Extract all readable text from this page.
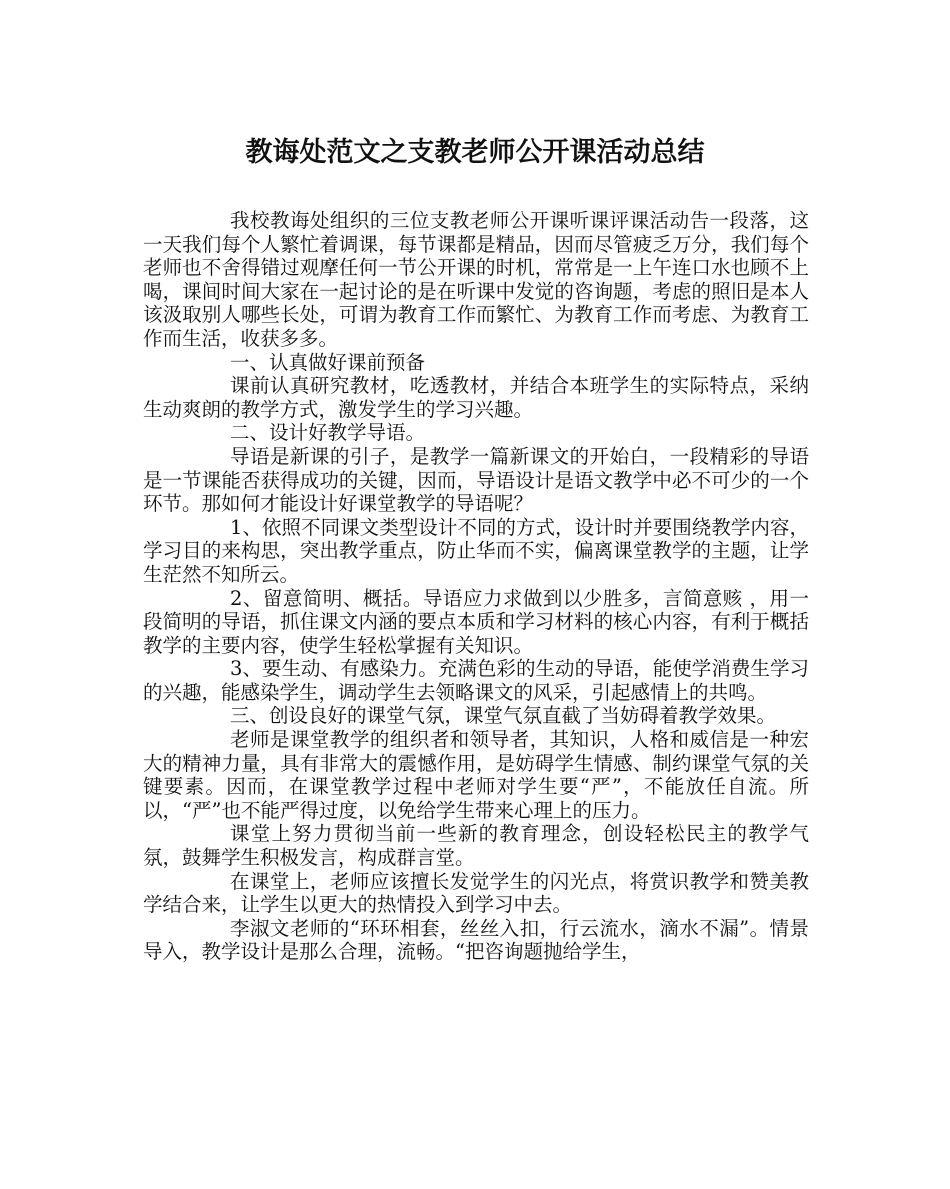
教诲处范文之支教老师公开课活动总结

我校教诲处组织的三位支教老师公开课听课评课活动告一段落，这一天我们每个人繁忙着调课，每节课都是精品，因而尽管疲乏万分，我们每个老师也不舍得错过观摩任何一节公开课的时机，常常是一上午连口水也顾不上喝，课间时间大家在一起讨论的是在听课中发觉的咨询题，考虑的照旧是本人该汲取别人哪些长处，可谓为教育工作而繁忙、为教育工作而考虑、为教育工作而生活，收获多多。

一、认真做好课前预备

课前认真研究教材，吃透教材，并结合本班学生的实际特点，采纳生动爽朗的教学方式，激发学生的学习兴趣。

二、设计好教学导语。

导语是新课的引子，是教学一篇新课文的开始白，一段精彩的导语是一节课能否获得成功的关键，因而，导语设计是语文教学中必不可少的一个环节。那如何才能设计好课堂教学的导语呢？

1、依照不同课文类型设计不同的方式，设计时并要围绕教学内容，学习目的来构思，突出教学重点，防止华而不实，偏离课堂教学的主题，让学生茫然不知所云。

2、留意简明、概括。导语应力求做到以少胜多，言简意赅 ，用一段简明的导语，抓住课文内涵的要点本质和学习材料的核心内容，有利于概括教学的主要内容，使学生轻松掌握有关知识。

3、要生动、有感染力。充满色彩的生动的导语，能使学消费生学习的兴趣，能感染学生，调动学生去领略课文的风采，引起感情上的共鸣。

三、创设良好的课堂气氛，课堂气氛直截了当妨碍着教学效果。

老师是课堂教学的组织者和领导者，其知识，人格和威信是一种宏大的精神力量，具有非常大的震憾作用，是妨碍学生情感、制约课堂气氛的关键要素。因而，在课堂教学过程中老师对学生要“严”，不能放任自流。所以，“严”也不能严得过度，以免给学生带来心理上的压力。

课堂上努力贯彻当前一些新的教育理念，创设轻松民主的教学气氛，鼓舞学生积极发言，构成群言堂。

在课堂上，老师应该擅长发觉学生的闪光点，将赏识教学和赞美教学结合来，让学生以更大的热情投入到学习中去。

李淑文老师的“环环相套，丝丝入扣，行云流水，滴水不漏”。情景导入，教学设计是那么合理，流畅。“把咨询题抛给学生，
